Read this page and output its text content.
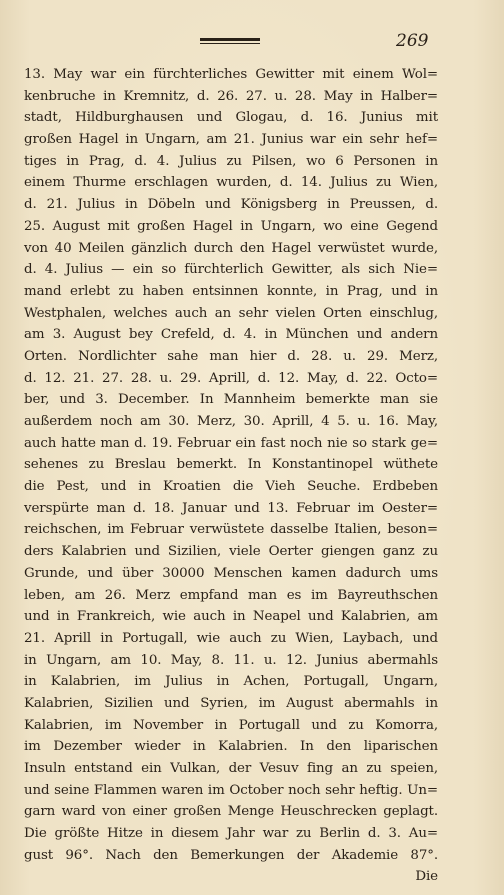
269
13. May war ein fürchterliches Gewitter mit einem Wol=
kenbruche in Kremnitz, d. 26. 27. u. 28. May in Halber=
stadt, Hildburghausen und Glogau, d. 16. Junius mit
großen Hagel in Ungarn, am 21. Junius war ein sehr hef=
tiges in Prag, d. 4. Julius zu Pilsen, wo 6 Personen in
einem Thurme erschlagen wurden, d. 14. Julius zu Wien,
d. 21. Julius in Döbeln und Königsberg in Preussen, d.
25. August mit großen Hagel in Ungarn, wo eine Gegend
von 40 Meilen gänzlich durch den Hagel verwüstet wurde,
d. 4. Julius — ein so fürchterlich Gewitter, als sich Nie=
mand erlebt zu haben entsinnen konnte, in Prag, und in
Westphalen, welches auch an sehr vielen Orten einschlug,
am 3. August bey Crefeld, d. 4. in München und andern
Orten. Nordlichter sahe man hier d. 28. u. 29. Merz,
d. 12. 21. 27. 28. u. 29. Aprill, d. 12. May, d. 22. Octo=
ber, und 3. December. In Mannheim bemerkte man sie
außerdem noch am 30. Merz, 30. Aprill, 4 5. u. 16. May,
auch hatte man d. 19. Februar ein fast noch nie so stark ge=
sehenes zu Breslau bemerkt. In Konstantinopel wüthete
die Pest, und in Kroatien die Vieh Seuche. Erdbeben
verspürte man d. 18. Januar und 13. Februar im Oester=
reichschen, im Februar verwüstete dasselbe Italien, beson=
ders Kalabrien und Sizilien, viele Oerter giengen ganz zu
Grunde, und über 30000 Menschen kamen dadurch ums
leben, am 26. Merz empfand man es im Bayreuthschen
und in Frankreich, wie auch in Neapel und Kalabrien, am
21. Aprill in Portugall, wie auch zu Wien, Laybach, und
in Ungarn, am 10. May, 8. 11. u. 12. Junius abermahls
in Kalabrien, im Julius in Achen, Portugall, Ungarn,
Kalabrien, Sizilien und Syrien, im August abermahls in
Kalabrien, im November in Portugall und zu Komorra,
im Dezember wieder in Kalabrien. In den liparischen
Insuln entstand ein Vulkan, der Vesuv fing an zu speien,
und seine Flammen waren im October noch sehr heftig. Un=
garn ward von einer großen Menge Heuschrecken geplagt.
Die größte Hitze in diesem Jahr war zu Berlin d. 3. Au=
gust 96°. Nach den Bemerkungen der Akademie 87°.
Die
